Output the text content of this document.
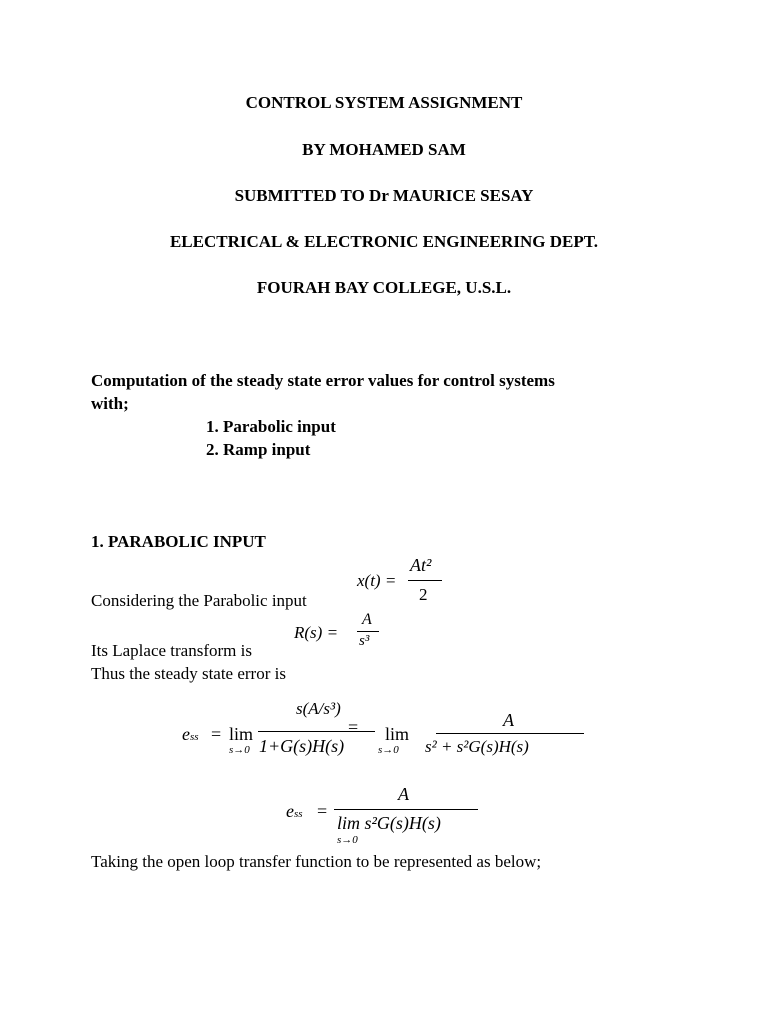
CONTROL SYSTEM ASSIGNMENT
BY MOHAMED SAM
SUBMITTED TO Dr MAURICE SESAY
ELECTRICAL & ELECTRONIC ENGINEERING DEPT.
FOURAH BAY COLLEGE, U.S.L.
Computation of the steady state error values for control systems
with;
1. Parabolic input
2. Ramp input
1. PARABOLIC INPUT
x(t) =
At²
2
Considering the Parabolic input
R(s) =
A
s³
Its Laplace transform is
Thus the steady state error is
ess = lim
s→0
s(A/s³)
1+G(s)H(s)
= lim
s→0
A
s² + s²G(s)H(s)
ess =
A
lim s²G(s)H(s)
s→0
Taking the open loop transfer function to be represented as below;
